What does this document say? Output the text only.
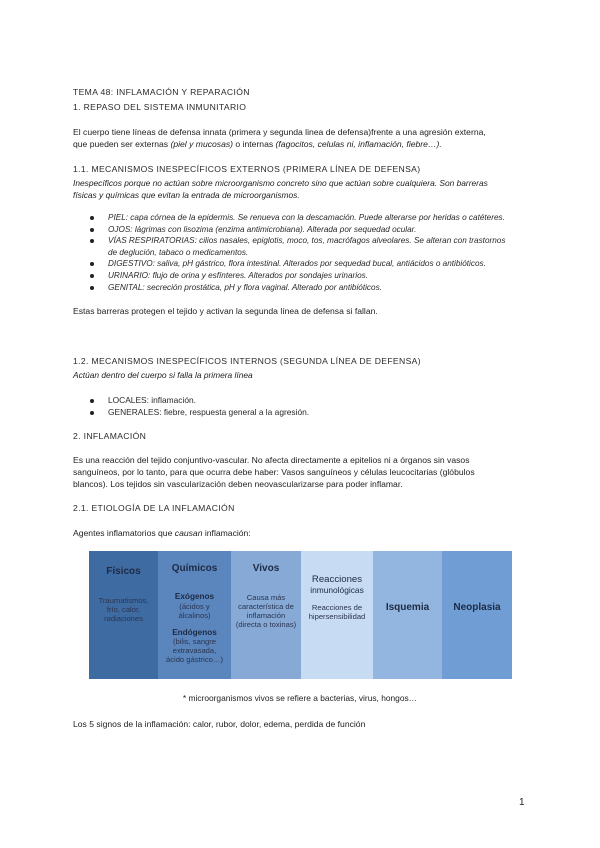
TEMA 48: INFLAMACIÓN Y REPARACIÓN
1. REPASO DEL SISTEMA INMUNITARIO
El cuerpo tiene líneas de defensa innata (primera y segunda linea de defensa)frente a una agresión externa,
que pueden ser externas (piel y mucosas) o internas (fagocitos, celulas ni, inflamación, fiebre…).
1.1. MECANISMOS INESPECÍFICOS EXTERNOS (PRIMERA LÍNEA DE DEFENSA)
Inespecíficos porque no actúan sobre microorganismo concreto sino que actúan sobre cualquiera. Son barreras
físicas y químicas que evitan la entrada de microorganismos.
PIEL: capa córnea de la epidermis. Se renueva con la descamación. Puede alterarse por heridas o catéteres.
OJOS: lágrimas con lisozima (enzima antimicrobiana). Alterada por sequedad ocular.
VÍAS RESPIRATORIAS: cilios nasales, epiglotis, moco, tos, macrófagos alveolares. Se alteran con trastornos de deglución, tabaco o medicamentos.
DIGESTIVO: saliva, pH gástrico, flora intestinal. Alterados por sequedad bucal, antiácidos o antibióticos.
URINARIO: flujo de orina y esfínteres. Alterados por sondajes urinarios.
GENITAL: secreción prostática, pH y flora vaginal. Alterado por antibióticos.
Estas barreras protegen el tejido y activan la segunda línea de defensa si fallan.
1.2. MECANISMOS INESPECÍFICOS INTERNOS (SEGUNDA LÍNEA DE DEFENSA)
Actúan dentro del cuerpo si falla la primera línea
LOCALES: inflamación.
GENERALES: fiebre, respuesta general a la agresión.
2. INFLAMACIÓN
Es una reacción del tejido conjuntivo-vascular. No afecta directamente a epitelios ni a órganos sin vasos
sanguíneos, por lo tanto, para que ocurra debe haber: Vasos sanguíneos y células leucocitarias (glóbulos
blancos). Los tejidos sin vascularización deben neovascularizarse para poder inflamar.
2.1. ETIOLOGÍA DE LA INFLAMACIÓN
Agentes inflamatorios que causan inflamación:
Físicos
Traumatismos, frío, calor, radiaciones
Químicos
Exógenos
(ácidos y álcalinos)
Endógenos
(bilis, sangre extravasada, ácido gástrico…)
Vivos
Causa más característica de inflamación (directa o toxinas)
Reacciones
inmunológicas
Reacciones de hipersensibilidad
Isquemia	Neoplasia
* microorganismos vivos se refiere a bacterias, virus, hongos…
Los 5 signos de la inflamación: calor, rubor, dolor, edema, perdida de función
1
